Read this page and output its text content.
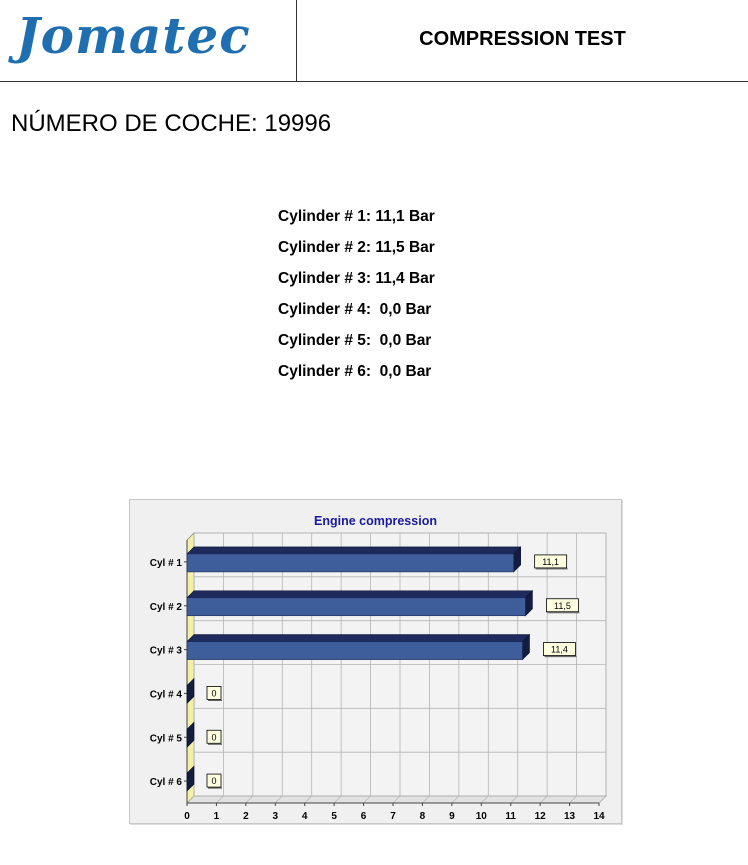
Jomatec	COMPRESSION TEST
NÚMERO DE COCHE: 19996
Cylinder # 1: 11,1 Bar
Cylinder # 2: 11,5 Bar
Cylinder # 3: 11,4 Bar
Cylinder # 4:  0,0 Bar
Cylinder # 5:  0,0 Bar
Cylinder # 6:  0,0 Bar
Engine compression
0 1 2 3 4 5 6 7 8 9 10 11 12 13 14
Cyl # 1	11,1
Cyl # 2	11,5
Cyl # 3	11,4
Cyl # 4	0
Cyl # 5	0
Cyl # 6	0
